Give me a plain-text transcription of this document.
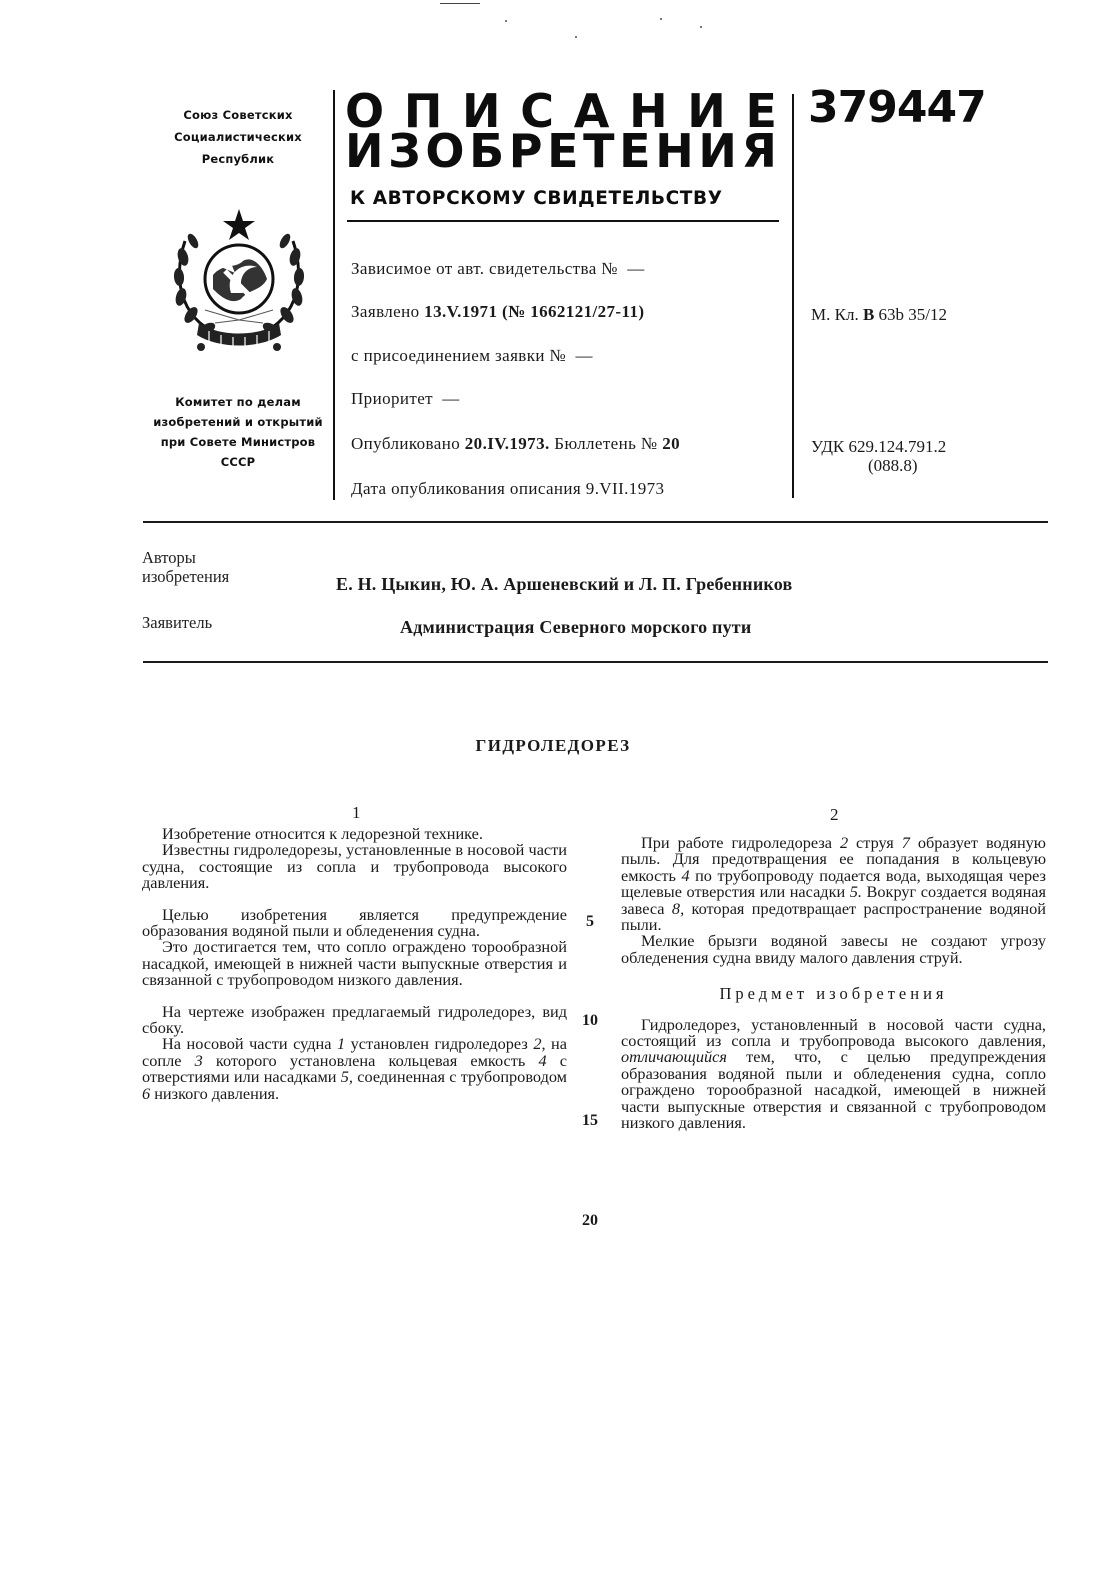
Союз Советских
Социалистических
Республик
Комитет по делам
изобретений и открытий
при Совете Министров
СССР
О П И С А Н И Е
И З О Б Р Е Т Е Н И Я
К АВТОРСКОМУ СВИДЕТЕЛЬСТВУ
379447
Зависимое от авт. свидетельства № —
Заявлено 13.V.1971 (№ 1662121/27-11)
с присоединением заявки № —
Приоритет —
Опубликовано 20.IV.1973. Бюллетень № 20
Дата опубликования описания 9.VII.1973
М. Кл. В 63b 35/12
УДК 629.124.791.2
(088.8)
Авторы
изобретения	Е. Н. Цыкин, Ю. А. Аршеневский и Л. П. Гребенников
Заявитель	Администрация Северного морского пути
ГИДРОЛЕДОРЕЗ
1	2

Изобретение относится к ледорезной технике.

Известны гидроледорезы, установленные в носовой части судна, состоящие из сопла и трубопровода высокого давления.

Целью изобретения является предупреждение образования водяной пыли и обледенения судна.

Это достигается тем, что сопло ограждено торообразной насадкой, имеющей в нижней части выпускные отверстия и связанной с трубопроводом низкого давления.

На чертеже изображен предлагаемый гидроледорез, вид сбоку.

На носовой части судна 1 установлен гидроледорез 2, на сопле 3 которого установлена кольцевая емкость 4 с отверстиями или насадками 5, соединенная с трубопроводом 6 низкого давления.

5
10
15
20

При работе гидроледореза 2 струя 7 образует водяную пыль. Для предотвращения ее попадания в кольцевую емкость 4 по трубопроводу подается вода, выходящая через щелевые отверстия или насадки 5. Вокруг создается водяная завеса 8, которая предотвращает распространение водяной пыли.

Мелкие брызги водяной завесы не создают угрозу обледенения судна ввиду малого давления струй.

Предмет изобретения

Гидроледорез, установленный в носовой части судна, состоящий из сопла и трубопровода высокого давления, отличающийся тем, что, с целью предупреждения образования водяной пыли и обледенения судна, сопло ограждено торообразной насадкой, имеющей в нижней части выпускные отверстия и связанной с трубопроводом низкого давления.
